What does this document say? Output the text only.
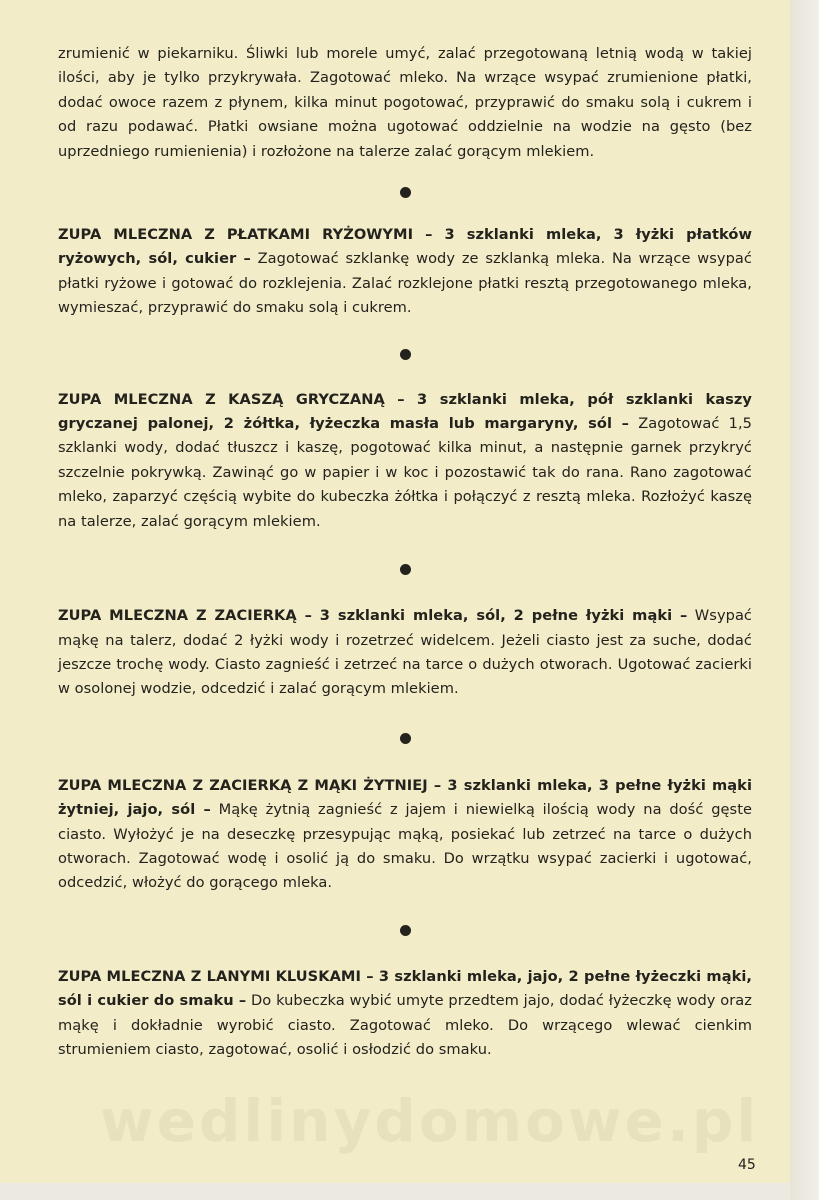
zrumienić w piekarniku. Śliwki lub morele umyć, zalać przegotowaną letnią wodą w takiej ilości, aby je tylko przykrywała. Zagotować mleko. Na wrzące wsypać zrumienione płatki, dodać owoce razem z płynem, kilka minut pogotować, przyprawić do smaku solą i cukrem i od razu podawać. Płatki owsiane można ugotować oddzielnie na wodzie na gęsto (bez uprzedniego rumienienia) i rozłożone na talerze zalać gorącym mlekiem.

ZUPA MLECZNA Z PŁATKAMI RYŻOWYMI – 3 szklanki mleka, 3 łyżki płatków ryżowych, sól, cukier – Zagotować szklankę wody ze szklanką mleka. Na wrzące wsypać płatki ryżowe i gotować do rozklejenia. Zalać rozklejone płatki resztą przegotowanego mleka, wymieszać, przyprawić do smaku solą i cukrem.

ZUPA MLECZNA Z KASZĄ GRYCZANĄ – 3 szklanki mleka, pół szklanki kaszy gryczanej palonej, 2 żółtka, łyżeczka masła lub margaryny, sól – Zagotować 1,5 szklanki wody, dodać tłuszcz i kaszę, pogotować kilka minut, a następnie garnek przykryć szczelnie pokrywką. Zawinąć go w papier i w koc i pozostawić tak do rana. Rano zagotować mleko, zaparzyć częścią wybite do kubeczka żółtka i połączyć z resztą mleka. Rozłożyć kaszę na talerze, zalać gorącym mlekiem.

ZUPA MLECZNA Z ZACIERKĄ – 3 szklanki mleka, sól, 2 pełne łyżki mąki – Wsypać mąkę na talerz, dodać 2 łyżki wody i rozetrzeć widelcem. Jeżeli ciasto jest za suche, dodać jeszcze trochę wody. Ciasto zagnieść i zetrzeć na tarce o dużych otworach. Ugotować zacierki w osolonej wodzie, odcedzić i zalać gorącym mlekiem.

ZUPA MLECZNA Z ZACIERKĄ Z MĄKI ŻYTNIEJ – 3 szklanki mleka, 3 pełne łyżki mąki żytniej, jajo, sól – Mąkę żytnią zagnieść z jajem i niewielką ilością wody na dość gęste ciasto. Wyłożyć je na deseczkę przesypując mąką, posiekać lub zetrzeć na tarce o dużych otworach. Zagotować wodę i osolić ją do smaku. Do wrzątku wsypać zacierki i ugotować, odcedzić, włożyć do gorącego mleka.

ZUPA MLECZNA Z LANYMI KLUSKAMI – 3 szklanki mleka, jajo, 2 pełne łyżeczki mąki, sól i cukier do smaku – Do kubeczka wybić umyte przedtem jajo, dodać łyżeczkę wody oraz mąkę i dokładnie wyrobić ciasto. Zagotować mleko. Do wrzącego wlewać cienkim strumieniem ciasto, zagotować, osolić i osłodzić do smaku.

wedlinydomowe.pl
45
